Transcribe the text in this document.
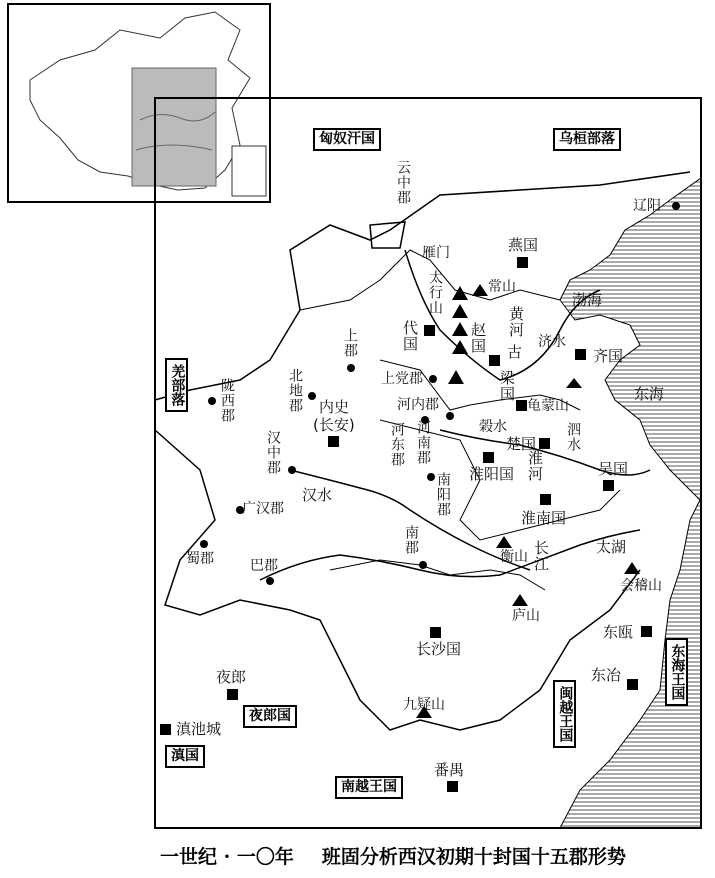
匈奴汗国	乌桓部落
羌部落
夜郎国
滇国
南越王国
闽越王国
东海王国
燕国
代国	赵国
齐国
梁国
楚国
淮阳国
淮南国
吴国
长沙国
内史
(长安)
云中郡
雁门
辽阳
上郡
北地郡
陇西郡
汉中郡
上党郡
河内郡
河南郡
河东郡
南阳郡
广汉郡
蜀郡	巴郡
南郡
滇池城
夜郎
番禺
东瓯
东冶
渤海
东海
太行山	常山
黄河
古
济水
龟蒙山
泗水
榖水
淮河
汉水
长江	太湖
会稽山
衡山
庐山
九疑山
一世纪 · 一〇年 班固分析西汉初期十封国十五郡形势
